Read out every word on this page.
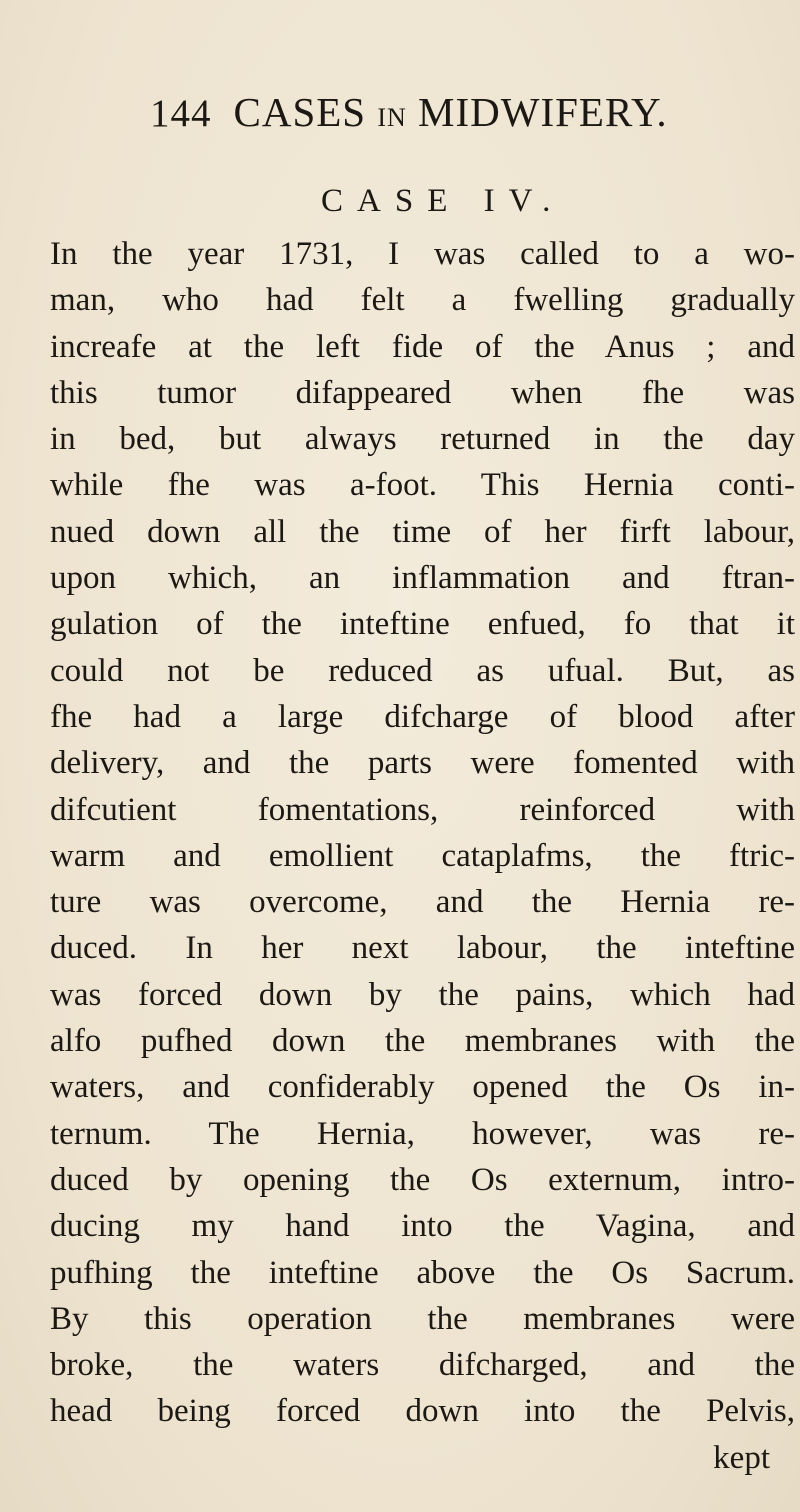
144 CASES IN MIDWIFERY.
CASE IV.
In the year 1731, I was called to a wo-
man, who had felt a fwelling gradually
increafe at the left fide of the Anus ; and
this tumor difappeared when fhe was
in bed, but always returned in the day
while fhe was a-foot. This Hernia conti-
nued down all the time of her firft labour,
upon which, an inflammation and ftran-
gulation of the inteftine enfued, fo that it
could not be reduced as ufual. But, as
fhe had a large difcharge of blood after
delivery, and the parts were fomented with
difcutient fomentations, reinforced with
warm and emollient cataplafms, the ftric-
ture was overcome, and the Hernia re-
duced. In her next labour, the inteftine
was forced down by the pains, which had
alfo pufhed down the membranes with the
waters, and confiderably opened the Os in-
ternum. The Hernia, however, was re-
duced by opening the Os externum, intro-
ducing my hand into the Vagina, and
pufhing the inteftine above the Os Sacrum.
By this operation the membranes were
broke, the waters difcharged, and the
head being forced down into the Pelvis,
kept
